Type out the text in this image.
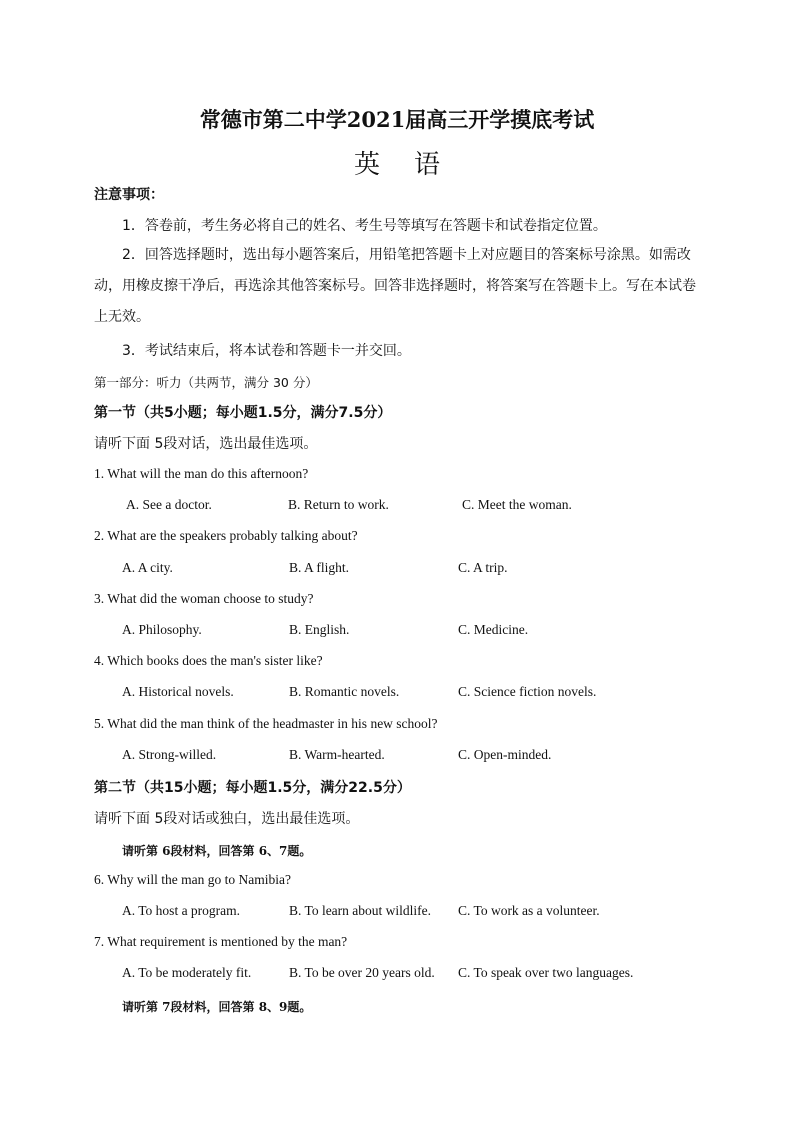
常德市第二中学2021届高三开学摸底考试
英语
注意事项：
1．答卷前，考生务必将自己的姓名、考生号等填写在答题卡和试卷指定位置。
2．回答选择题时，选出每小题答案后，用铅笔把答题卡上对应题目的答案标号涂黑。如需改动，用橡皮擦干净后，再选涂其他答案标号。回答非选择题时，将答案写在答题卡上。写在本试卷上无效。
3．考试结束后，将本试卷和答题卡一并交回。
第一部分：听力（共两节，满分 30 分）
第一节（共5小题；每小题1.5分，满分7.5分）
请听下面 5段对话，选出最佳选项。
1. What will the man do this afternoon?
A. See a doctor.	B. Return to work.	C. Meet the woman.
2. What are the speakers probably talking about?
A. A city.	B. A flight.	C. A trip.
3. What did the woman choose to study?
A. Philosophy.	B. English.	C. Medicine.
4. Which books does the man's sister like?
A. Historical novels.	B. Romantic novels.	C. Science fiction novels.
5. What did the man think of the headmaster in his new school?
A. Strong-willed.	B. Warm-hearted.	C. Open-minded.
第二节（共15小题；每小题1.5分，满分22.5分）
请听下面 5段对话或独白，选出最佳选项。
请听第 6段材料，回答第 6、7题。
6. Why will the man go to Namibia?
A. To host a program.	B. To learn about wildlife. C. To work as a volunteer.
7. What requirement is mentioned by the man?
A. To be moderately fit.	B. To be over 20 years old. C. To speak over two languages.
请听第 7段材料，回答第 8、9题。
